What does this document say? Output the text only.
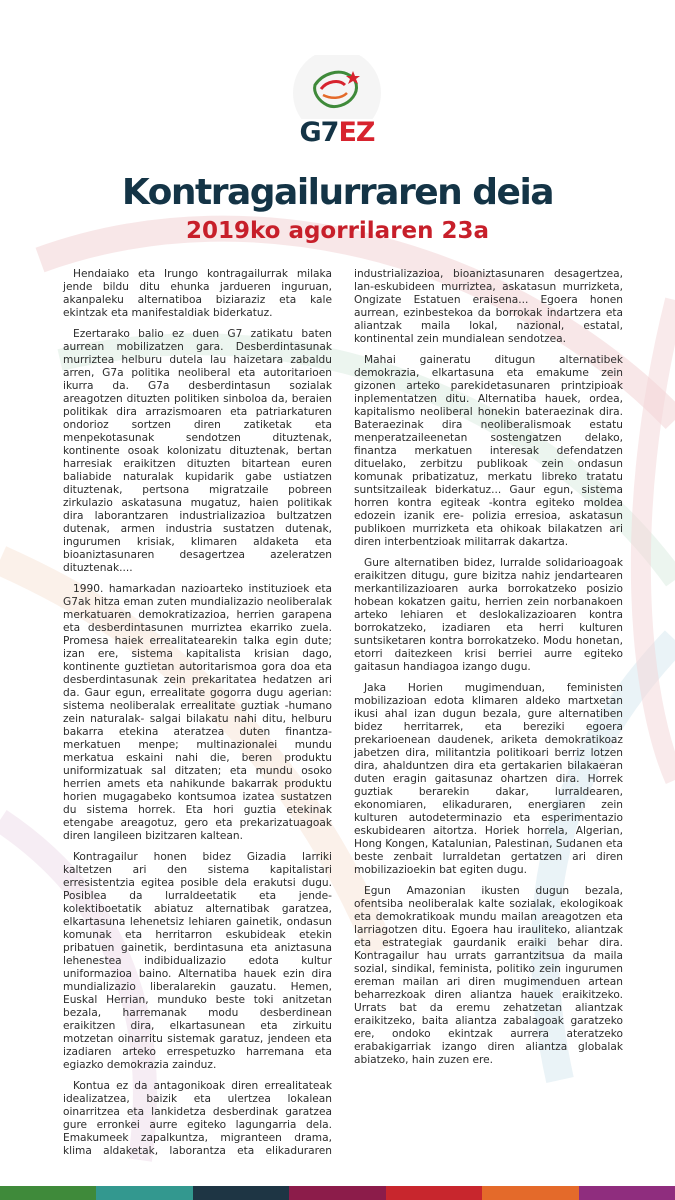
G7EZ
Kontragailurraren deia
2019ko agorrilaren 23a

Hendaiako eta Irungo kontragailurrak milaka jende bildu ditu ehunka jardueren inguruan, akanpaleku alternatiboa biziaraziz eta kale ekintzak eta manifestaldiak biderkatuz.

Ezertarako balio ez duen G7 zatikatu baten aurrean mobilizatzen gara. Desberdintasunak murriztea helburu dutela lau haizetara zabaldu arren, G7a politika neoliberal eta autoritarioen ikurra da. G7a desberdintasun sozialak areagotzen dituzten politiken sinboloa da, beraien politikak dira arrazismoaren eta patriarkaturen ondorioz sortzen diren zatiketak eta menpekotasunak sendotzen dituztenak, kontinente osoak kolonizatu dituztenak, bertan harresiak eraikitzen dituzten bitartean euren baliabide naturalak kupidarik gabe ustiatzen dituztenak, pertsona migratzaile pobreen zirkulazio askatasuna mugatuz, haien politikak dira laborantzaren industrializazioa bultzatzen dutenak, armen industria sustatzen dutenak, ingurumen krisiak, klimaren aldaketa eta bioaniztasunaren desagertzea azeleratzen dituztenak....

1990. hamarkadan nazioarteko instituzioek eta G7ak hitza eman zuten mundializazio neoliberalak merkatuaren demokratizazioa, herrien garapena eta desberdintasunen murriztea ekarriko zuela. Promesa haiek errealitatearekin talka egin dute; izan ere, sistema kapitalista krisian dago, kontinente guztietan autoritarismoa gora doa eta desberdintasunak zein prekaritatea hedatzen ari da. Gaur egun, errealitate gogorra dugu agerian: sistema neoliberalak errealitate guztiak -humano zein naturalak- salgai bilakatu nahi ditu, helburu bakarra etekina ateratzea duten finantza-merkatuen menpe; multinazionalei mundu merkatua eskaini nahi die, beren produktu uniformizatuak sal ditzaten; eta mundu osoko herrien amets eta nahikunde bakarrak produktu horien mugagabeko kontsumoa izatea sustatzen du sistema horrek. Eta hori guztia etekinak etengabe areagotuz, gero eta prekarizatuagoak diren langileen bizitzaren kaltean.

Kontragailur honen bidez Gizadia larriki kaltetzen ari den sistema kapitalistari erresistentzia egitea posible dela erakutsi dugu. Posiblea da lurraldeetatik eta jende-kolektiboetatik abiatuz alternatibak garatzea, elkartasuna lehenetsiz lehiaren gainetik, ondasun komunak eta herritarron eskubideak etekin pribatuen gainetik, berdintasuna eta aniztasuna lehenestea indibidualizazio edota kultur uniformazioa baino. Alternatiba hauek ezin dira mundializazio liberalarekin gauzatu. Hemen, Euskal Herrian, munduko beste toki anitzetan bezala, harremanak modu desberdinean eraikitzen dira, elkartasunean eta zirkuitu motzetan oinarritu sistemak garatuz, jendeen eta izadiaren arteko errespetuzko harremana eta egiazko demokrazia zainduz.

Kontua ez da antagonikoak diren errealitateak idealizatzea, baizik eta ulertzea lokalean oinarritzea eta lankidetza desberdinak garatzea gure erronkei aurre egiteko lagungarria dela. Emakumeek zapalkuntza, migranteen drama, klima aldaketak, laborantza eta elikaduraren industrializazioa, bioaniztasunaren desagertzea, lan-eskubideen murriztea, askatasun murrizketa, Ongizate Estatuen eraisena... Egoera honen aurrean, ezinbestekoa da borrokak indartzera eta aliantzak maila lokal, nazional, estatal, kontinental zein mundialean sendotzea.

Mahai gaineratu ditugun alternatibek demokrazia, elkartasuna eta emakume zein gizonen arteko parekidetasunaren printzipioak inplementatzen ditu. Alternatiba hauek, ordea, kapitalismo neoliberal honekin bateraezinak dira. Bateraezinak dira neoliberalismoak estatu menperatzaileenetan sostengatzen delako, finantza merkatuen interesak defendatzen dituelako, zerbitzu publikoak zein ondasun komunak pribatizatuz, merkatu libreko tratatu suntsitzaileak biderkatuz... Gaur egun, sistema horren kontra egiteak -kontra egiteko moldea edozein izanik ere- polizia erresioa, askatasun publikoen murrizketa eta ohikoak bilakatzen ari diren interbentzioak militarrak dakartza.

Gure alternatiben bidez, lurralde solidarioagoak eraikitzen ditugu, gure bizitza nahiz jendartearen merkantilizazioaren aurka borrokatzeko posizio hobean kokatzen gaitu, herrien zein norbanakoen arteko lehiaren et deslokalizazioaren kontra borrokatzeko, izadiaren eta herri kulturen suntsiketaren kontra borrokatzeko. Modu honetan, etorri daitezkeen krisi berriei aurre egiteko gaitasun handiagoa izango dugu.

Jaka Horien mugimenduan, feministen mobilizazioan edota klimaren aldeko martxetan ikusi ahal izan dugun bezala, gure alternatiben bidez herritarrek, eta bereziki egoera prekarioenean daudenek, ariketa demokratikoaz jabetzen dira, militantzia politikoari berriz lotzen dira, ahalduntzen dira eta gertakarien bilakaeran duten eragin gaitasunaz ohartzen dira. Horrek guztiak berarekin dakar, lurraldearen, ekonomiaren, elikaduraren, energiaren zein kulturen autodeterminazio eta esperimentazio eskubidearen aitortza. Horiek horrela, Algerian, Hong Kongen, Katalunian, Palestinan, Sudanen eta beste zenbait lurraldetan gertatzen ari diren mobilizazioekin bat egiten dugu.

Egun Amazonian ikusten dugun bezala, ofentsiba neoliberalak kalte sozialak, ekologikoak eta demokratikoak mundu mailan areagotzen eta larriagotzen ditu. Egoera hau irauliteko, aliantzak eta estrategiak gaurdanik eraiki behar dira. Kontragailur hau urrats garrantzitsua da maila sozial, sindikal, feminista, politiko zein ingurumen ereman mailan ari diren mugimenduen artean beharrezkoak diren aliantza hauek eraikitzeko. Urrats bat da eremu zehatzetan aliantzak eraikitzeko, baita aliantza zabalagoak garatzeko ere, ondoko ekintzak aurrera ateratzeko erabakigarriak izango diren aliantza globalak abiatzeko, hain zuzen ere.
